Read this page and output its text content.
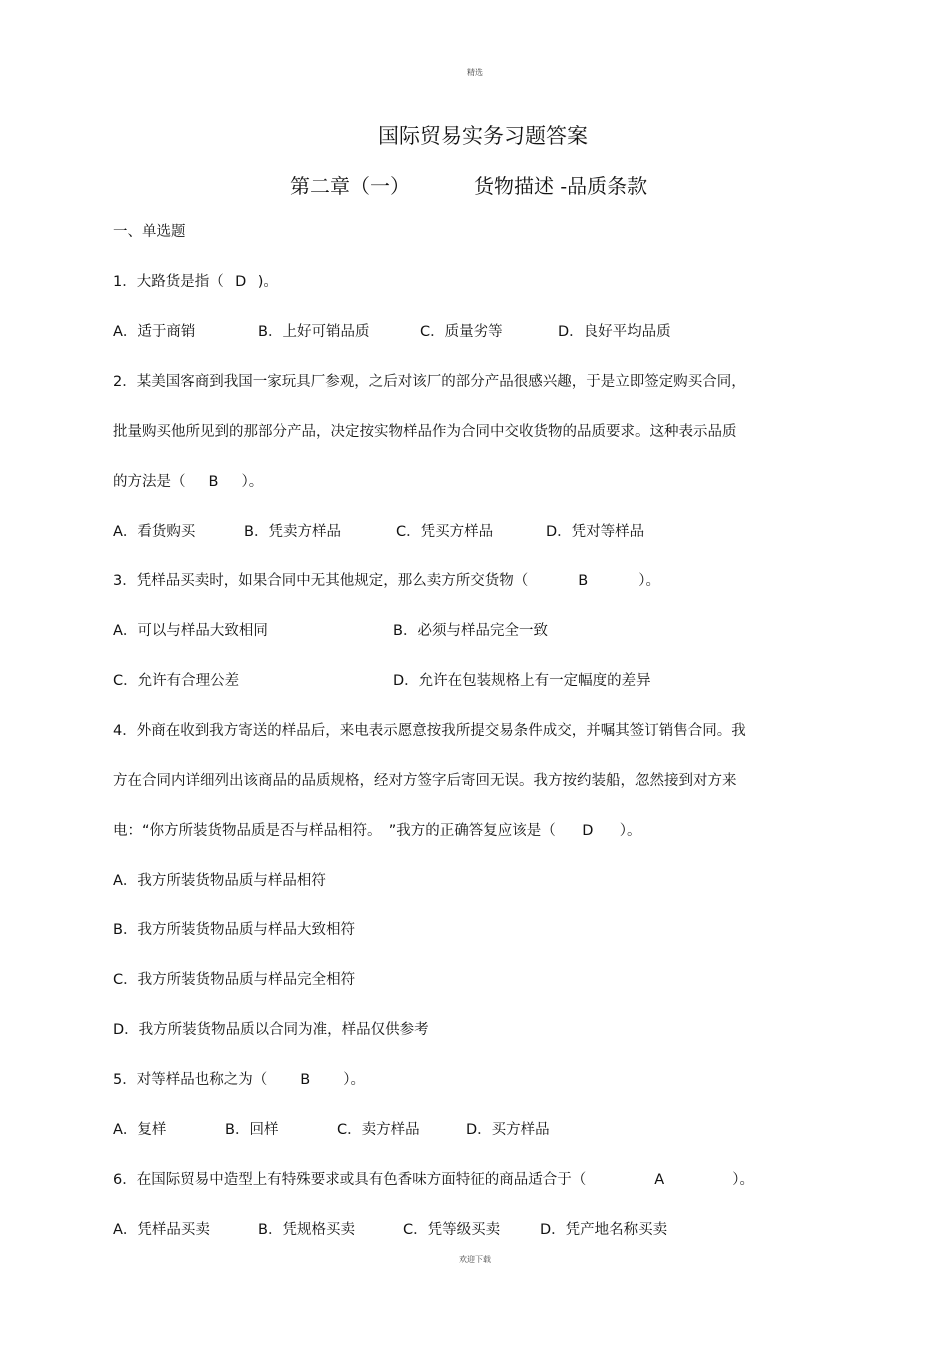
精选
国际贸易实务习题答案
第二章（一）	货物描述 -品质条款
一、单选题
1．大路货是指（ D )。
A．适于商销	B．上好可销品质	C．质量劣等	D．良好平均品质
2．某美国客商到我国一家玩具厂参观，之后对该厂的部分产品很感兴趣，于是立即签定购买合同，
批量购买他所见到的那部分产品，决定按实物样品作为合同中交收货物的品质要求。这种表示品质
的方法是（ B ）。
A．看货购买	B．凭卖方样品	C．凭买方样品	D．凭对等样品
3．凭样品买卖时，如果合同中无其他规定，那么卖方所交货物（	B	）。
A．可以与样品大致相同	B．必须与样品完全一致
C．允许有合理公差	D．允许在包装规格上有一定幅度的差异
4．外商在收到我方寄送的样品后，来电表示愿意按我所提交易条件成交，并嘱其签订销售合同。我
方在合同内详细列出该商品的品质规格，经对方签字后寄回无误。我方按约装船，忽然接到对方来
电：“你方所装货物品质是否与样品相符。　”我方的正确答复应该是（ D ）。
A．我方所装货物品质与样品相符
B．我方所装货物品质与样品大致相符
C．我方所装货物品质与样品完全相符
D．我方所装货物品质以合同为准，样品仅供参考
5．对等样品也称之为（ B ）。
A．复样	B．回样	C．卖方样品	D．买方样品
6．在国际贸易中造型上有特殊要求或具有色香味方面特征的商品适合于（	A	）。
A．凭样品买卖	B．凭规格买卖	C．凭等级买卖	D．凭产地名称买卖
欢迎下载
